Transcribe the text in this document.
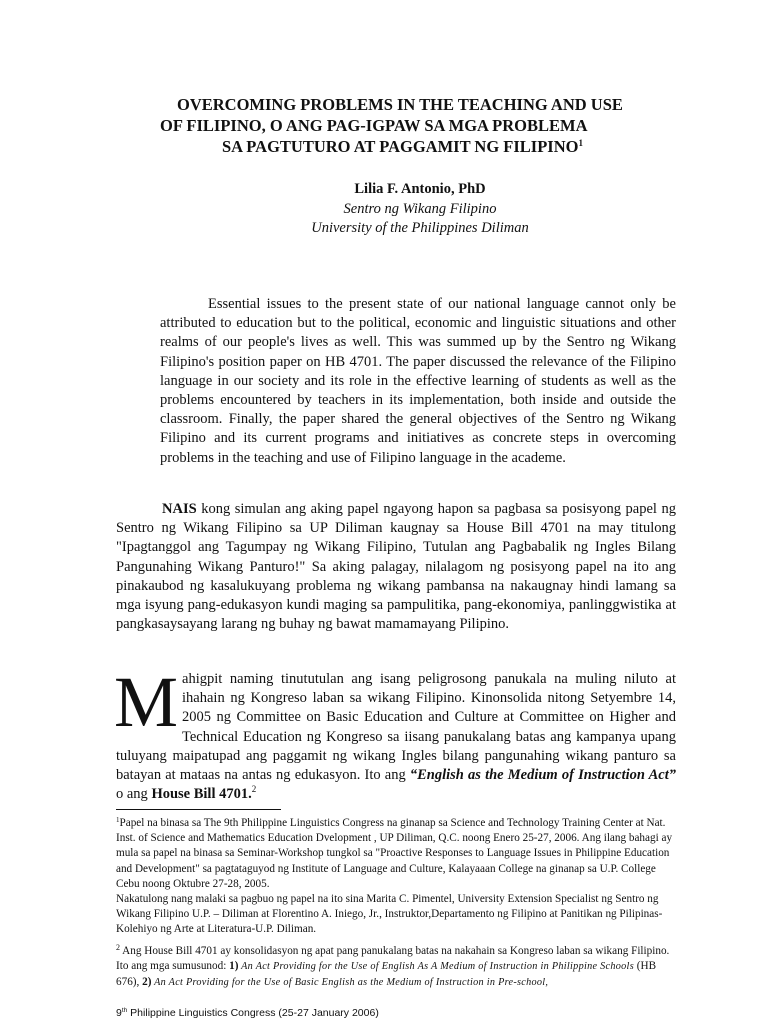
OVERCOMING PROBLEMS IN THE TEACHING AND USE
OF FILIPINO, O ANG PAG-IGPAW SA MGA PROBLEMA
SA PAGTUTURO AT PAGGAMIT NG FILIPINO$^1$
Lilia F. Antonio, PhD
Sentro ng Wikang Filipino
University of the Philippines Diliman

Essential issues to the present state of our national language cannot only be attributed to education but to the political, economic and linguistic situations and other realms of our people's lives as well. This was summed up by the Sentro ng Wikang Filipino's position paper on HB 4701. The paper discussed the relevance of the Filipino language in our society and its role in the effective learning of students as well as the problems encountered by teachers in its implementation, both inside and outside the classroom. Finally, the paper shared the general objectives of the Sentro ng Wikang Filipino and its current programs and initiatives as concrete steps in overcoming problems in the teaching and use of Filipino language in the academe.

NAIS kong simulan ang aking papel ngayong hapon sa pagbasa sa posisyong papel ng Sentro ng Wikang Filipino sa UP Diliman kaugnay sa House Bill 4701 na may titulong "Ipagtanggol ang Tagumpay ng Wikang Filipino, Tutulan ang Pagbabalik ng Ingles Bilang Pangunahing Wikang Panturo!" Sa aking palagay, nilalagom ng posisyong papel na ito ang pinakaubod ng kasalukuyang problema ng wikang pambansa na nakaugnay hindi lamang sa mga isyung pang-edukasyon kundi maging sa pampulitika, pang-ekonomiya, panlinggwistika at pangkasaysayang larang ng buhay ng bawat mamamayang Pilipino.

Mahigpit naming tinututulan ang isang peligrosong panukala na muling niluto at ihahain ng Kongreso laban sa wikang Filipino. Kinonsolida nitong Setyembre 14, 2005 ng Committee on Basic Education and Culture at Committee on Higher and Technical Education ng Kongreso sa iisang panukalang batas ang kampanya upang tuluyang maipatupad ang paggamit ng wikang Ingles bilang pangunahing wikang panturo sa batayan at mataas na antas ng edukasyon. Ito ang “English as the Medium of Instruction Act” o ang House Bill 4701.$^2$

$^1$Papel na binasa sa The 9th Philippine Linguistics Congress na ginanap sa Science and Technology Training Center at Nat. Inst. of Science and Mathematics Education Dvelopment , UP Diliman, Q.C. noong Enero 25-27, 2006. Ang ilang bahagi ay mula sa papel na binasa sa Seminar-Workshop tungkol sa "Proactive Responses to Language Issues in Philippine Education and Development" sa pagtataguyod ng Institute of Language and Culture, Kalayaaan College na ginanap sa U.P. College Cebu noong Oktubre 27-28, 2005.
Nakatulong nang malaki sa pagbuo ng papel na ito sina Marita C. Pimentel, University Extension Specialist ng Sentro ng Wikang Filipino U.P. – Diliman at Florentino A. Iniego, Jr., Instruktor,Departamento ng Filipino at Panitikan ng Pilipinas-Kolehiyo ng Arte at Literatura-U.P. Diliman.

$^2$ Ang House Bill 4701 ay konsolidasyon ng apat pang panukalang batas na nakahain sa Kongreso laban sa wikang Filipino. Ito ang mga sumusunod: 1) An Act Providing for the Use of English As A Medium of Instruction in Philippine Schools (HB 676), 2) An Act Providing for the Use of Basic English as the Medium of Instruction in Pre-school,

9th Philippine Linguistics Congress (25-27 January 2006)
